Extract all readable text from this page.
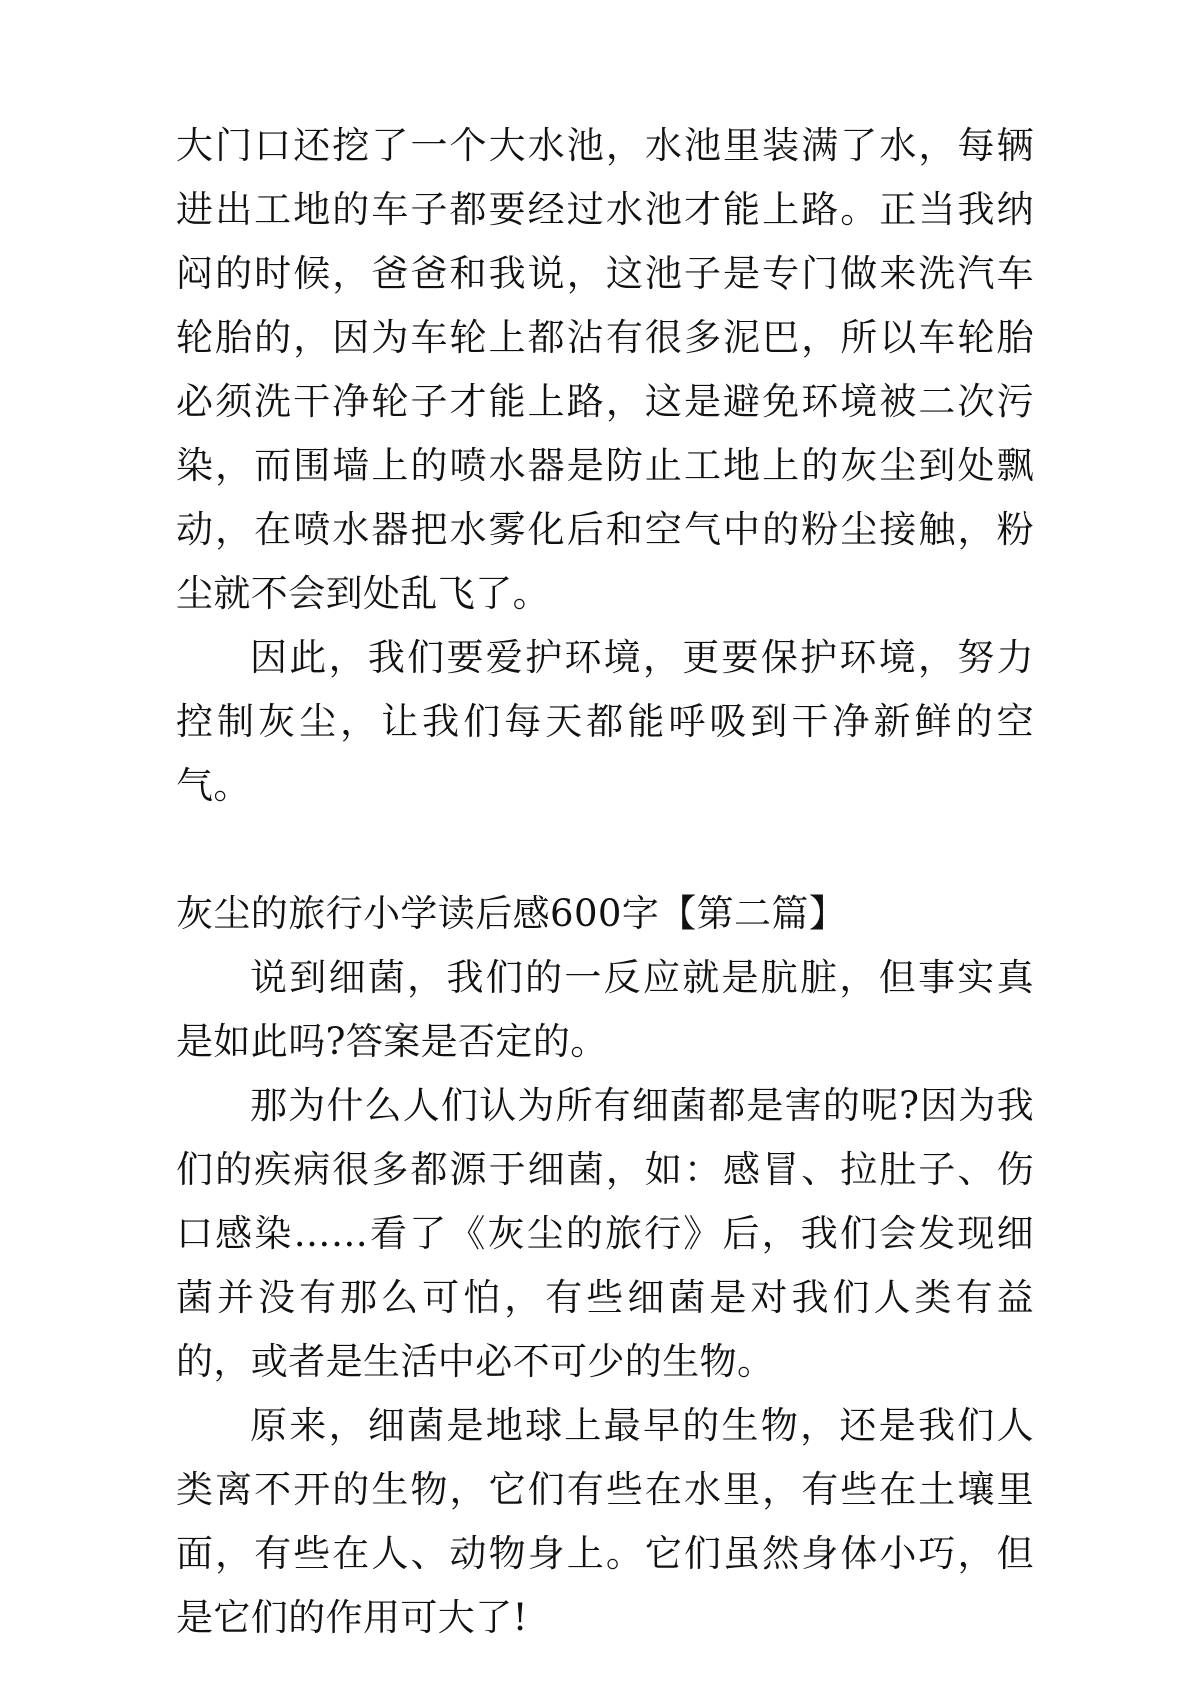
大门口还挖了一个大水池，水池里装满了水，每辆进出工地的车子都要经过水池才能上路。正当我纳闷的时候，爸爸和我说，这池子是专门做来洗汽车轮胎的，因为车轮上都沾有很多泥巴，所以车轮胎必须洗干净轮子才能上路，这是避免环境被二次污染，而围墙上的喷水器是防止工地上的灰尘到处飘动，在喷水器把水雾化后和空气中的粉尘接触，粉尘就不会到处乱飞了。

因此，我们要爱护环境，更要保护环境，努力控制灰尘，让我们每天都能呼吸到干净新鲜的空气。

灰尘的旅行小学读后感600字【第二篇】

说到细菌，我们的一反应就是肮脏，但事实真是如此吗?答案是否定的。

那为什么人们认为所有细菌都是害的呢?因为我们的疾病很多都源于细菌，如：感冒、拉肚子、伤口感染……看了《灰尘的旅行》后，我们会发现细菌并没有那么可怕，有些细菌是对我们人类有益的，或者是生活中必不可少的生物。

原来，细菌是地球上最早的生物，还是我们人类离不开的生物，它们有些在水里，有些在土壤里面，有些在人、动物身上。它们虽然身体小巧，但是它们的作用可大了!
